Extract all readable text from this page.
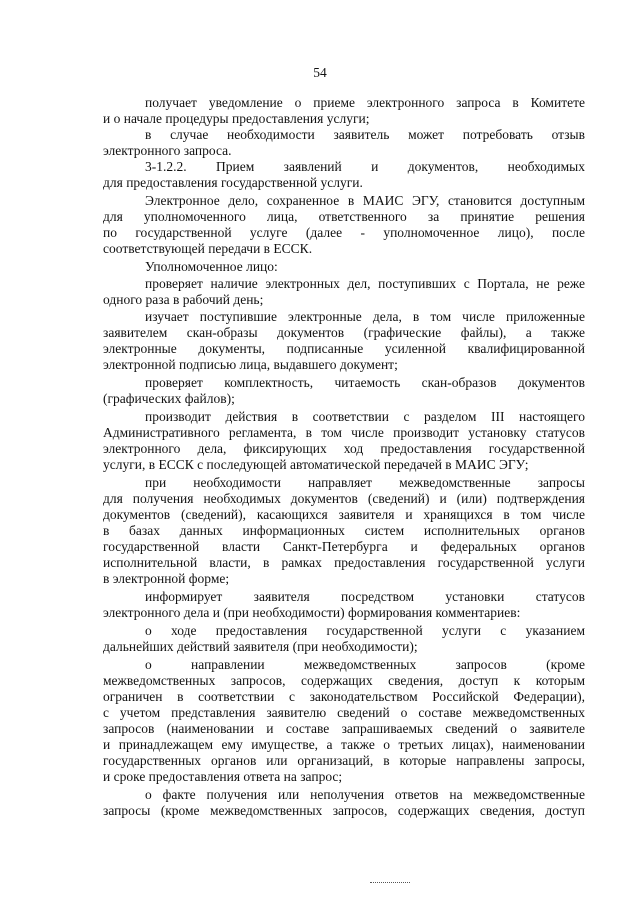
54
получает уведомление о приеме электронного запроса в Комитете
и о начале процедуры предоставления услуги;
в случае необходимости заявитель может потребовать отзыв
электронного запроса.
3-1.2.2. Прием заявлений и документов, необходимых
для предоставления государственной услуги.
Электронное дело, сохраненное в МАИС ЭГУ, становится доступным
для уполномоченного лица, ответственного за принятие решения
по государственной услуге (далее - уполномоченное лицо), после
соответствующей передачи в ЕССК.
Уполномоченное лицо:
проверяет наличие электронных дел, поступивших с Портала, не реже
одного раза в рабочий день;
изучает поступившие электронные дела, в том числе приложенные
заявителем скан-образы документов (графические файлы), а также
электронные документы, подписанные усиленной квалифицированной
электронной подписью лица, выдавшего документ;
проверяет комплектность, читаемость скан-образов документов
(графических файлов);
производит действия в соответствии с разделом III настоящего
Административного регламента, в том числе производит установку статусов
электронного дела, фиксирующих ход предоставления государственной
услуги, в ЕССК с последующей автоматической передачей в МАИС ЭГУ;
при необходимости направляет межведомственные запросы
для получения необходимых документов (сведений) и (или) подтверждения
документов (сведений), касающихся заявителя и хранящихся в том числе
в базах данных информационных систем исполнительных органов
государственной власти Санкт-Петербурга и федеральных органов
исполнительной власти, в рамках предоставления государственной услуги
в электронной форме;
информирует заявителя посредством установки статусов
электронного дела и (при необходимости) формирования комментариев:
о ходе предоставления государственной услуги с указанием
дальнейших действий заявителя (при необходимости);
о направлении межведомственных запросов (кроме
межведомственных запросов, содержащих сведения, доступ к которым
ограничен в соответствии с законодательством Российской Федерации),
с учетом представления заявителю сведений о составе межведомственных
запросов (наименовании и составе запрашиваемых сведений о заявителе
и принадлежащем ему имуществе, а также о третьих лицах), наименовании
государственных органов или организаций, в которые направлены запросы,
и сроке предоставления ответа на запрос;
о факте получения или неполучения ответов на межведомственные
запросы (кроме межведомственных запросов, содержащих сведения, доступ
